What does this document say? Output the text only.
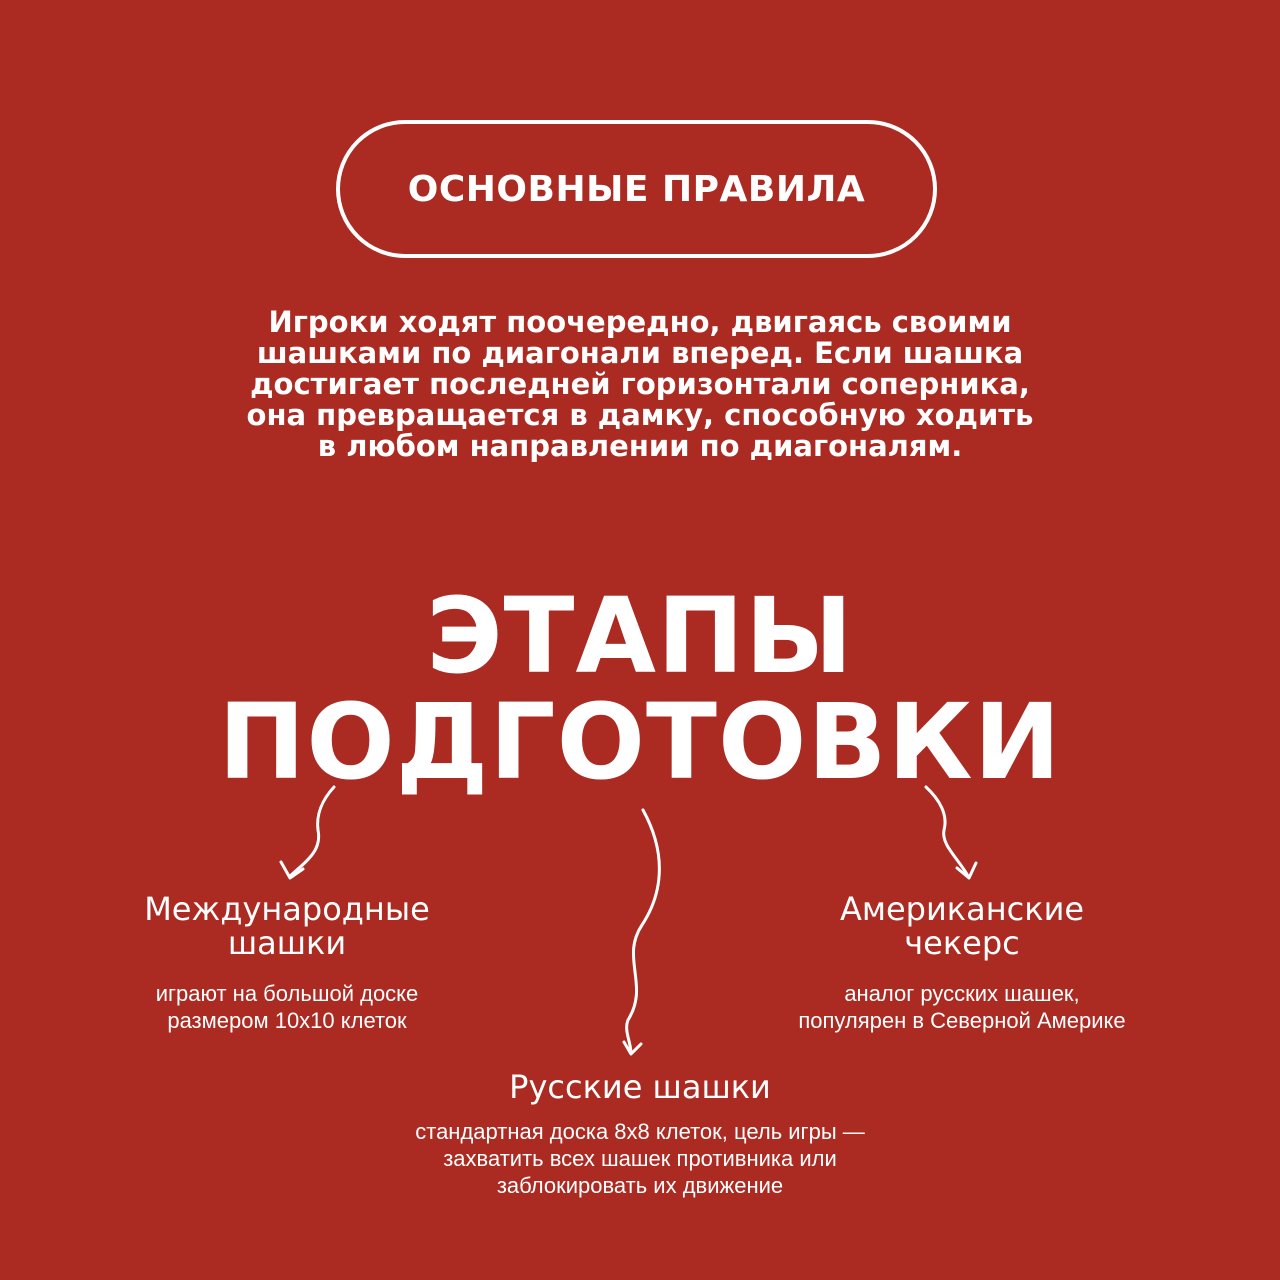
ОСНОВНЫЕ ПРАВИЛА

Игроки ходят поочередно, двигаясь своими
шашками по диагонали вперед. Если шашка
достигает последней горизонтали соперника,
она превращается в дамку, способную ходить
в любом направлении по диагоналям.

ЭТАПЫ
ПОДГОТОВКИ
Международные
шашки
играют на большой доске
размером 10x10 клеток
Американские
чекерс
аналог русских шашек,
популярен в Северной Америке
Русские шашки
стандартная доска 8x8 клеток, цель игры —
захватить всех шашек противника или
заблокировать их движение
